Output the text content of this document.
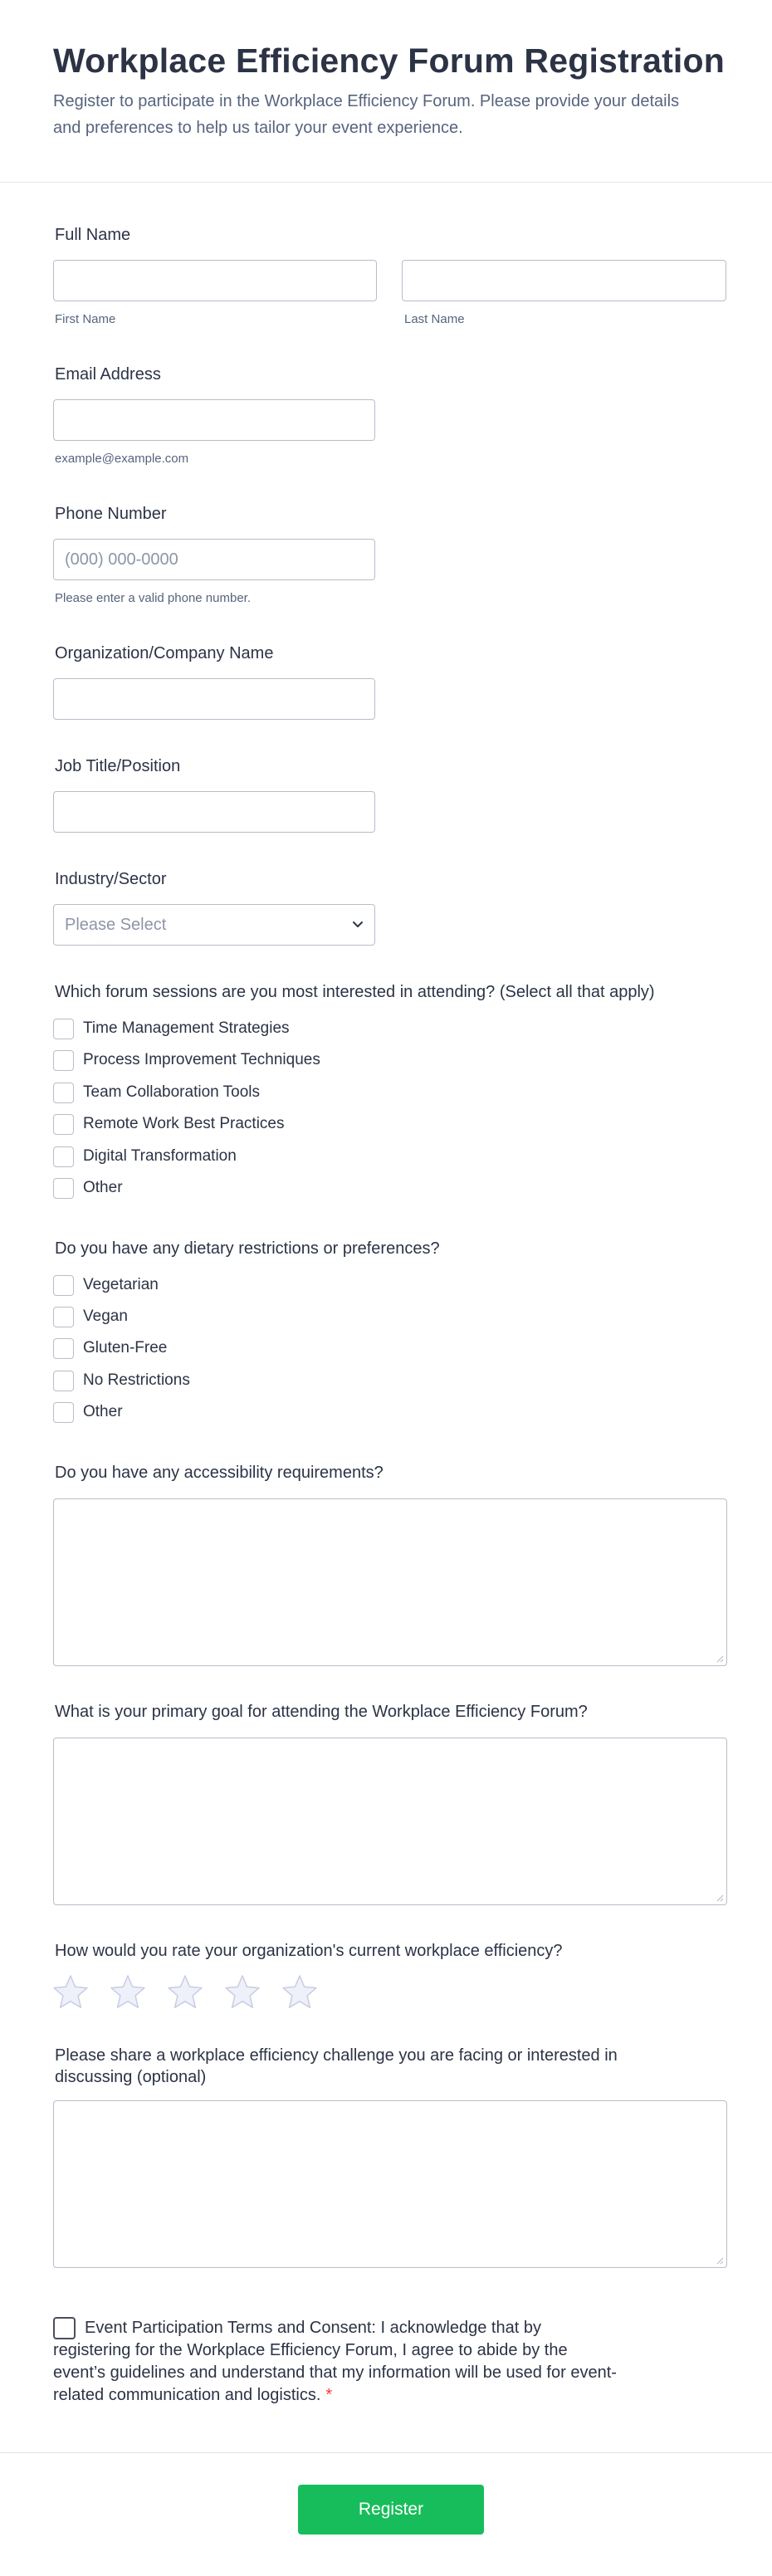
Workplace Efficiency Forum Registration

Register to participate in the Workplace Efficiency Forum. Please provide your details and preferences to help us tailor your event experience.

Full Name
First Name	Last Name
Email Address
example@example.com
Phone Number
(000) 000-0000
Please enter a valid phone number.
Organization/Company Name
Job Title/Position
Industry/Sector
Please Select
Which forum sessions are you most interested in attending? (Select all that apply)
Time Management Strategies
Process Improvement Techniques
Team Collaboration Tools
Remote Work Best Practices
Digital Transformation
Other
Do you have any dietary restrictions or preferences?
Vegetarian
Vegan
Gluten-Free
No Restrictions
Other
Do you have any accessibility requirements?
What is your primary goal for attending the Workplace Efficiency Forum?
How would you rate your organization's current workplace efficiency?
Please share a workplace efficiency challenge you are facing or interested in discussing (optional)
Event Participation Terms and Consent: I acknowledge that by registering for the Workplace Efficiency Forum, I agree to abide by the event’s guidelines and understand that my information will be used for event-related communication and logistics. *
Register
